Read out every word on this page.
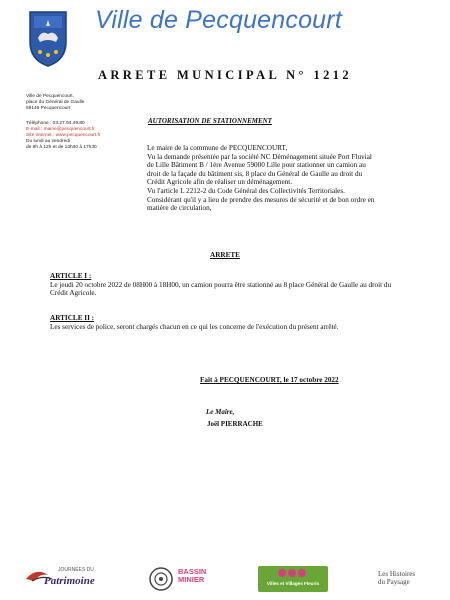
Ville de Pecquencourt
ARRETE MUNICIPAL N° 1212
Ville de Pecquencourt,
place du Général de Gaulle
59146 Pecquencourt
Téléphone : 03.27.94.49.80
E-mail : mairie@pecquencourt.fr
Site internet : www.pecquencourt.fr
Du lundi au vendredi
de 8h à 12h et de 13h30 à 17h30
AUTORISATION DE STATIONNEMENT

Le maire de la commune de PECQUENCOURT,

Vu la demande présentée par la société NC Déménagement située Port Fluvial de Lille Bâtiment B / 1ère Avenue 59000 Lille pour stationner un camion au droit de la façade du bâtiment sis, 8 place du Général de Gaulle au droit du Crédit Agricole afin de réaliser un déménagement.

Vu l'article L 2212-2 du Code Général des Collectivités Territoriales.

Considérant qu'il y a lieu de prendre des mesures de sécurité et de bon ordre en matière de circulation,

ARRETE

ARTICLE I :

Le jeudi 20 octobre 2022 de 08H00 à 18H00, un camion pourra être stationné au 8 place Général de Gaulle au droit du Crédit Agricole.

ARTICLE II :

Les services de police, seront chargés chacun en ce qui les concerne de l'exécution du présent arrêté.

Fait à PECQUENCOURT, le 17 octobre 2022
Le Maire,
Joël PIERRACHE
JOURNÉES DU
Patrimoine
BASSIN
MINIER	Villes et Villages Fleuris
Les Histoires
du Paysage
